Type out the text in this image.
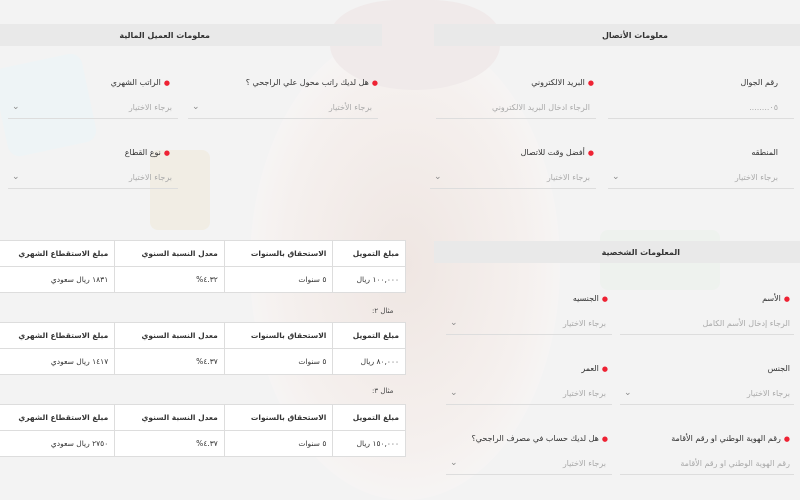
معلومات العميل المالية	معلومات الأتصال
المعلومات الشخصية
●الراتب الشهري
برجاء الاختيار
⌄
●هل لديك راتب محول علي الراجحي ؟
برجاء الأختيار
⌄
●نوع القطاع
برجاء الاختيار
⌄
●البريد الالكتروني
الرجاء ادخال البريد الالكتروني
رقم الجوال
٠٥........
●أفضل وقت للاتصال
برجاء الاختيار
⌄
المنطقه
برجاء الاختيار
⌄
●الجنسيه
برجاء الاختيار
⌄
●الأسم
الرجاء إدخال الأسم الكامل
●العمر
برجاء الاختيار
⌄
الجنس
برجاء الاختيار
⌄
●هل لديك حساب في مصرف الراجحي؟
برجاء الاختيار
⌄
●رقم الهوية الوطني او رقم الأقامة
رقم الهوية الوطني او رقم الأقامة
مبلغ التمويل	الاستحقاق بالسنوات	معدل النسبة السنوي	مبلغ الاستقطاع الشهري
١٠٠,٠٠٠ ريال	٥ سنوات	٤.٣٢%	١٨٣١ ريال سعودي
مثال ٢:
مبلغ التمويل	الاستحقاق بالسنوات	معدل النسبة السنوي	مبلغ الاستقطاع الشهري
٨٠,٠٠٠ ريال	٥ سنوات	٤.٣٧%	١٤١٧ ريال سعودي
مثال ٣:
مبلغ التمويل	الاستحقاق بالسنوات	معدل النسبة السنوي	مبلغ الاستقطاع الشهري
١٥٠,٠٠٠ ريال	٥ سنوات	٤.٣٧%	٢٧٥٠ ريال سعودي
